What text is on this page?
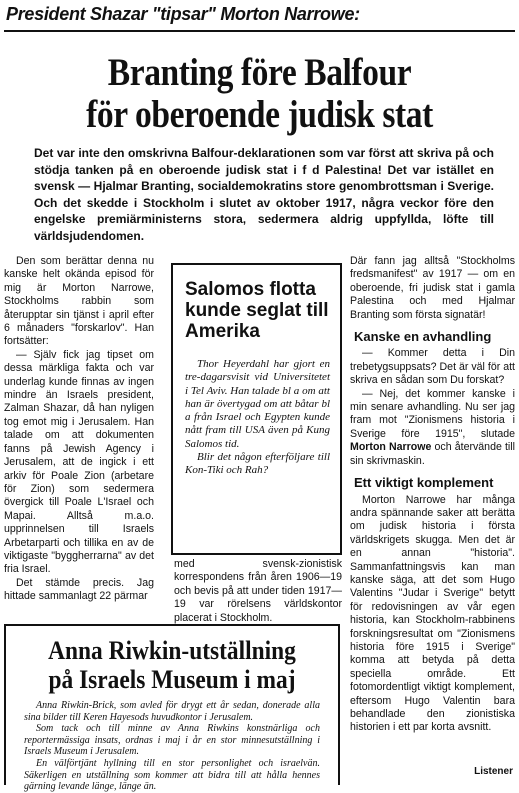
President Shazar "tipsar" Morton Narrowe:
Branting före Balfour
för oberoende judisk stat
Det var inte den omskrivna Balfour-deklarationen som var först att skriva på och stödja tanken på en oberoende judisk stat i f d Palestina! Det var istället en svensk — Hjalmar Branting, socialdemokratins store genombrottsman i Sverige. Och det skedde i Stockholm i slutet av oktober 1917, några veckor före den engelske premiärministerns stora, sedermera aldrig uppfyllda, löfte till världsjudendomen.

Den som berättar denna nu kanske helt okända episod för mig är Morton Narrowe, Stockholms rabbin som återupptar sin tjänst i april efter 6 månaders "forskarlov". Han fortsätter:

— Själv fick jag tipset om dessa märkliga fakta och var underlag kunde finnas av ingen mindre än Israels president, Zalman Shazar, då han nyligen tog emot mig i Jerusalem. Han talade om att dokumenten fanns på Jewish Agency i Jerusalem, att de ingick i ett arkiv för Poale Zion (arbetare för Zion) som sedermera övergick till Poale L'Israel och Mapai. Alltså m.a.o. upprinnelsen till Israels Arbetarparti och tillika en av de viktigaste "byggherrarna" av det fria Israel.

Det stämde precis. Jag hittade sammanlagt 22 pärmar

Salomos flotta kunde seglat till Amerika

Thor Heyerdahl har gjort en tre-dagarsvisit vid Universitetet i Tel Aviv. Han talade bl a om att han är övertygad om att båtar bl a från Israel och Egypten kunde nått fram till USA även på Kung Salomos tid.

Blir det någon efterföljare till Kon-Tiki och Rah?

med svensk-zionistisk korrespondens från åren 1906—19 och bevis på att under tiden 1917—19 var rörelsens världskontor placerat i Stockholm.

Anna Riwkin-utställning
på Israels Museum i maj

Anna Riwkin-Brick, som avled för drygt ett år sedan, donerade alla sina bilder till Keren Hayesods huvudkontor i Jerusalem.

Som tack och till minne av Anna Riwkins konstnärliga och reportermässiga insats, ordnas i maj i år en stor minnesutställning i Israels Museum i Jerusalem.

En välförtjänt hyllning till en stor personlighet och israelvän. Säkerligen en utställning som kommer att bidra till att hålla hennes gärning levande länge, länge än.

Där fann jag alltså "Stockholms fredsmanifest" av 1917 — om en oberoende, fri judisk stat i gamla Palestina och med Hjalmar Branting som första signatär!

Kanske en avhandling

— Kommer detta i Din trebetygsuppsats? Det är väl för att skriva en sådan som Du forskat?

— Nej, det kommer kanske i min senare avhandling. Nu ser jag fram mot "Zionismens historia i Sverige före 1915", slutade Morton Narrowe och återvände till sin skrivmaskin.

Ett viktigt komplement

Morton Narrowe har många andra spännande saker att berätta om judisk historia i första världskrigets skugga. Men det är en annan "historia". Sammanfattningsvis kan man kanske säga, att det som Hugo Valentins "Judar i Sverige" betytt för redovisningen av vår egen historia, kan Stockholm-rabbinens forskningsresultat om "Zionismens historia före 1915 i Sverige" komma att betyda på detta speciella område. Ett fotomordentligt viktigt komplement, eftersom Hugo Valentin bara behandlade den zionistiska historien i ett par korta avsnitt.

Listener
